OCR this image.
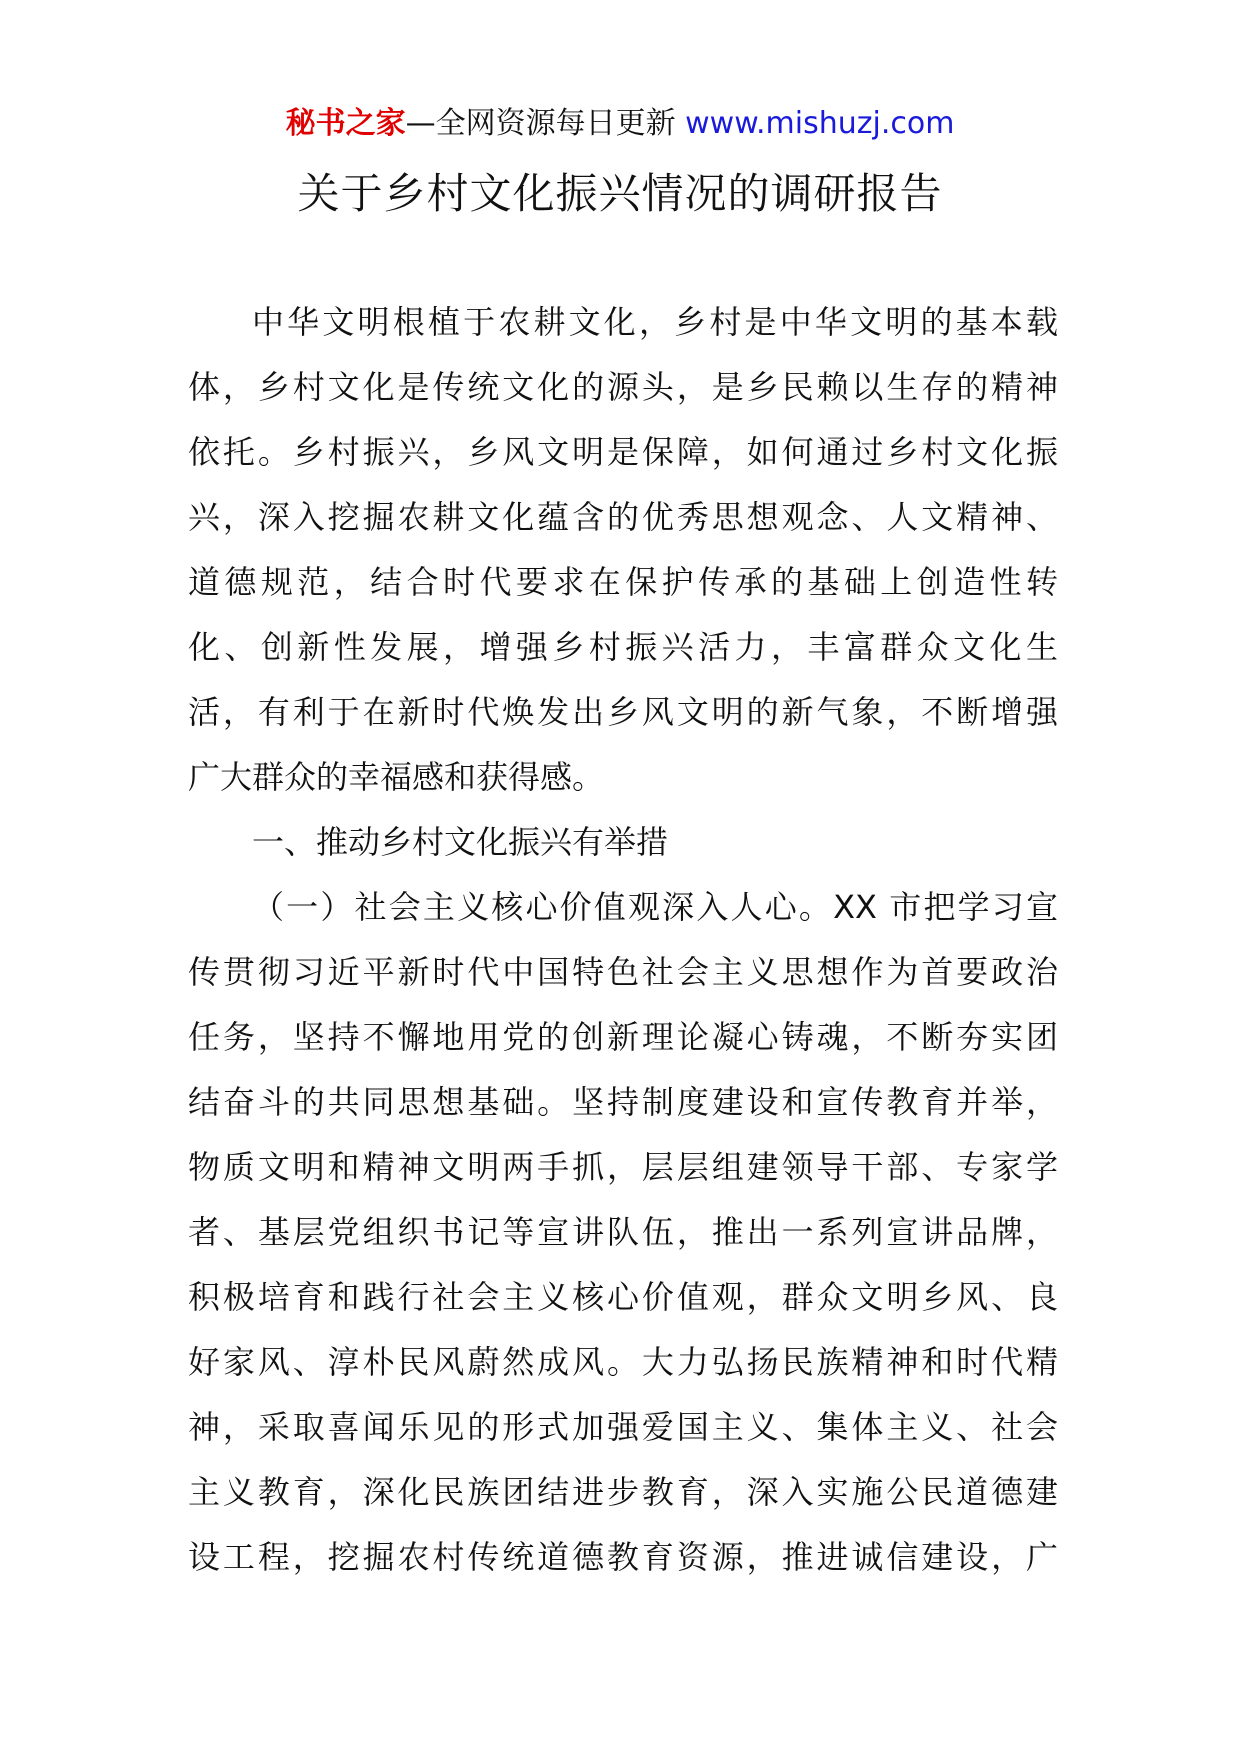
秘书之家—全网资源每日更新 www.mishuzj.com
关于乡村文化振兴情况的调研报告
中华文明根植于农耕文化，乡村是中华文明的基本载
体，乡村文化是传统文化的源头，是乡民赖以生存的精神
依托。乡村振兴，乡风文明是保障，如何通过乡村文化振
兴，深入挖掘农耕文化蕴含的优秀思想观念、人文精神、
道德规范，结合时代要求在保护传承的基础上创造性转
化、创新性发展，增强乡村振兴活力，丰富群众文化生
活，有利于在新时代焕发出乡风文明的新气象，不断增强
广大群众的幸福感和获得感。
一、推动乡村文化振兴有举措
（一）社会主义核心价值观深入人心。XX 市把学习宣
传贯彻习近平新时代中国特色社会主义思想作为首要政治
任务，坚持不懈地用党的创新理论凝心铸魂，不断夯实团
结奋斗的共同思想基础。坚持制度建设和宣传教育并举，
物质文明和精神文明两手抓，层层组建领导干部、专家学
者、基层党组织书记等宣讲队伍，推出一系列宣讲品牌，
积极培育和践行社会主义核心价值观，群众文明乡风、良
好家风、淳朴民风蔚然成风。大力弘扬民族精神和时代精
神，采取喜闻乐见的形式加强爱国主义、集体主义、社会
主义教育，深化民族团结进步教育，深入实施公民道德建
设工程，挖掘农村传统道德教育资源，推进诚信建设，广
